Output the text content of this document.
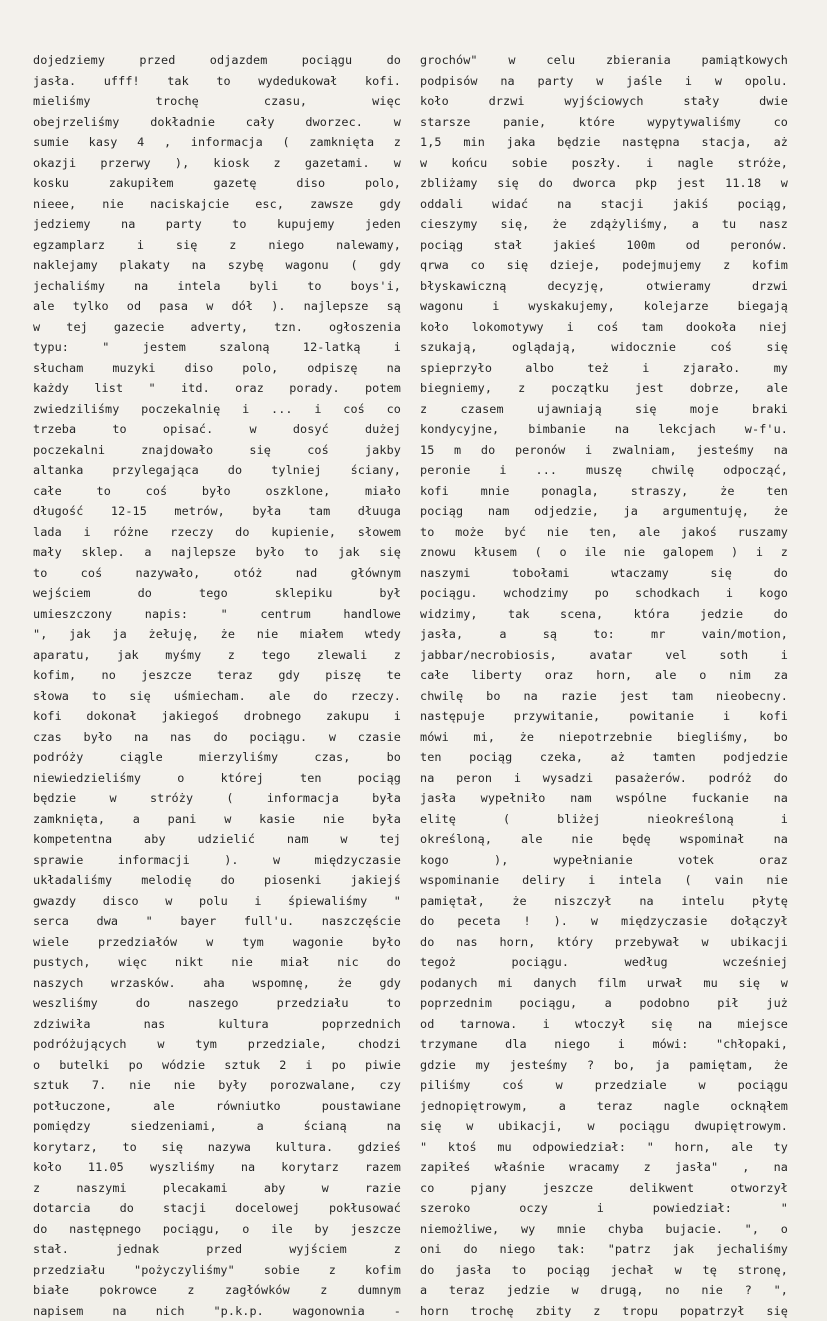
dojedziemy przed odjazdem pociągu do
jasła. ufff! tak to wydedukował kofi.
mieliśmy trochę czasu, więc
obejrzeliśmy dokładnie cały dworzec. w
sumie kasy 4 , informacja ( zamknięta z
okazji przerwy ), kiosk z gazetami. w
kosku zakupiłem gazetę diso polo,
nieee, nie naciskajcie esc, zawsze gdy
jedziemy na party to kupujemy jeden
egzamplarz i się z niego nalewamy,
naklejamy plakaty na szybę wagonu ( gdy
jechaliśmy na intela byli to boys'i,
ale tylko od pasa w dół ). najlepsze są
w tej gazecie adverty, tzn. ogłoszenia
typu: " jestem szaloną 12-latką i
słucham muzyki diso polo, odpiszę na
każdy list " itd. oraz porady. potem
zwiedziliśmy poczekalnię i ... i coś co
trzeba to opisać. w dosyć dużej
poczekalni znajdowało się coś jakby
altanka przylegająca do tylniej ściany,
całe to coś było oszklone, miało
długość 12-15 metrów, była tam dłuuga
lada i różne rzeczy do kupienie, słowem
mały sklep. a najlepsze było to jak się
to coś nazywało, otóż nad głównym
wejściem do tego sklepiku był
umieszczony napis: " centrum handlowe
", jak ja żełuję, że nie miałem wtedy
aparatu, jak myśmy z tego zlewali z
kofim, no jeszcze teraz gdy piszę te
słowa to się uśmiecham. ale do rzeczy.
kofi dokonał jakiegoś drobnego zakupu i
czas było na nas do pociągu. w czasie
podróży ciągle mierzyliśmy czas, bo
niewiedzieliśmy o której ten pociąg
będzie w stróży ( informacja była
zamknięta, a pani w kasie nie była
kompetentna aby udzielić nam w tej
sprawie informacji ). w międzyczasie
układaliśmy melodię do piosenki jakiejś
gwazdy disco w polu i śpiewaliśmy "
serca dwa " bayer full'u. naszczęście
wiele przedziałów w tym wagonie było
pustych, więc nikt nie miał nic do
naszych wrzasków. aha wspomnę, że gdy
weszliśmy do naszego przedziału to
zdziwiła nas kultura poprzednich
podróżujących w tym przedziale, chodzi
o butelki po wódzie sztuk 2 i po piwie
sztuk 7. nie nie były porozwalane, czy
potłuczone, ale równiutko poustawiane
pomiędzy siedzeniami, a ścianą na
korytarz, to się nazywa kultura. gdzieś
koło 11.05 wyszliśmy na korytarz razem
z naszymi plecakami aby w razie
dotarcia do stacji docelowej pokłusować
do następnego pociągu, o ile by jeszcze
stał. jednak przed wyjściem z
przedziału "pożyczyliśmy" sobie z kofim
białe pokrowce z zagłówków z dumnym
napisem na nich "p.k.p. wagonownia -
grochów" w celu zbierania pamiątkowych
podpisów na party w jaśle i w opolu.
koło drzwi wyjściowych stały dwie
starsze panie, które wypytywaliśmy co
1,5 min jaka będzie następna stacja, aż
w końcu sobie poszły. i nagle stróże,
zbliżamy się do dworca pkp jest 11.18 w
oddali widać na stacji jakiś pociąg,
cieszymy się, że zdążyliśmy, a tu nasz
pociąg stał jakieś 100m od peronów.
qrwa co się dzieje, podejmujemy z kofim
błyskawiczną decyzję, otwieramy drzwi
wagonu i wyskakujemy, kolejarze biegają
koło lokomotywy i coś tam dookoła niej
szukają, oglądają, widocznie coś się
spieprzyło albo też i zjarało. my
biegniemy, z początku jest dobrze, ale
z czasem ujawniają się moje braki
kondycyjne, bimbanie na lekcjach w-f'u.
15 m do peronów i zwalniam, jesteśmy na
peronie i ... muszę chwilę odpocząć,
kofi mnie ponagla, straszy, że ten
pociąg nam odjedzie, ja argumentuję, że
to może być nie ten, ale jakoś ruszamy
znowu kłusem ( o ile nie galopem ) i z
naszymi tobołami wtaczamy się do
pociągu. wchodzimy po schodkach i kogo
widzimy, tak scena, która jedzie do
jasła, a są to: mr vain/motion,
jabbar/necrobiosis, avatar vel soth i
całe liberty oraz horn, ale o nim za
chwilę bo na razie jest tam nieobecny.
następuje przywitanie, powitanie i kofi
mówi mi, że niepotrzebnie biegliśmy, bo
ten pociąg czeka, aż tamten podjedzie
na peron i wysadzi pasażerów. podróż do
jasła wypełniło nam wspólne fuckanie na
elitę ( bliżej nieokreśloną i
określoną, ale nie będę wspominał na
kogo ), wypełnianie votek oraz
wspominanie deliry i intela ( vain nie
pamiętał, że niszczył na intelu płytę
do peceta ! ). w międzyczasie dołączył
do nas horn, który przebywał w ubikacji
tegoż pociągu. według wcześniej
podanych mi danych film urwał mu się w
poprzednim pociągu, a podobno pił już
od tarnowa. i wtoczył się na miejsce
trzymane dla niego i mówi: "chłopaki,
gdzie my jesteśmy ? bo, ja pamiętam, że
piliśmy coś w przedziale w pociągu
jednopiętrowym, a teraz nagle ocknąłem
się w ubikacji, w pociągu dwupiętrowym.
" ktoś mu odpowiedział: " horn, ale ty
zapiłeś właśnie wracamy z jasła" , na
co pjany jeszcze delikwent otworzył
szeroko oczy i powiedział: "
niemożliwe, wy mnie chyba bujacie. ", o
oni do niego tak: "patrz jak jechaliśmy
do jasła to pociąg jechał w tę stronę,
a teraz jedzie w drugą, no nie ? ",
horn trochę zbity z tropu popatrzył się
